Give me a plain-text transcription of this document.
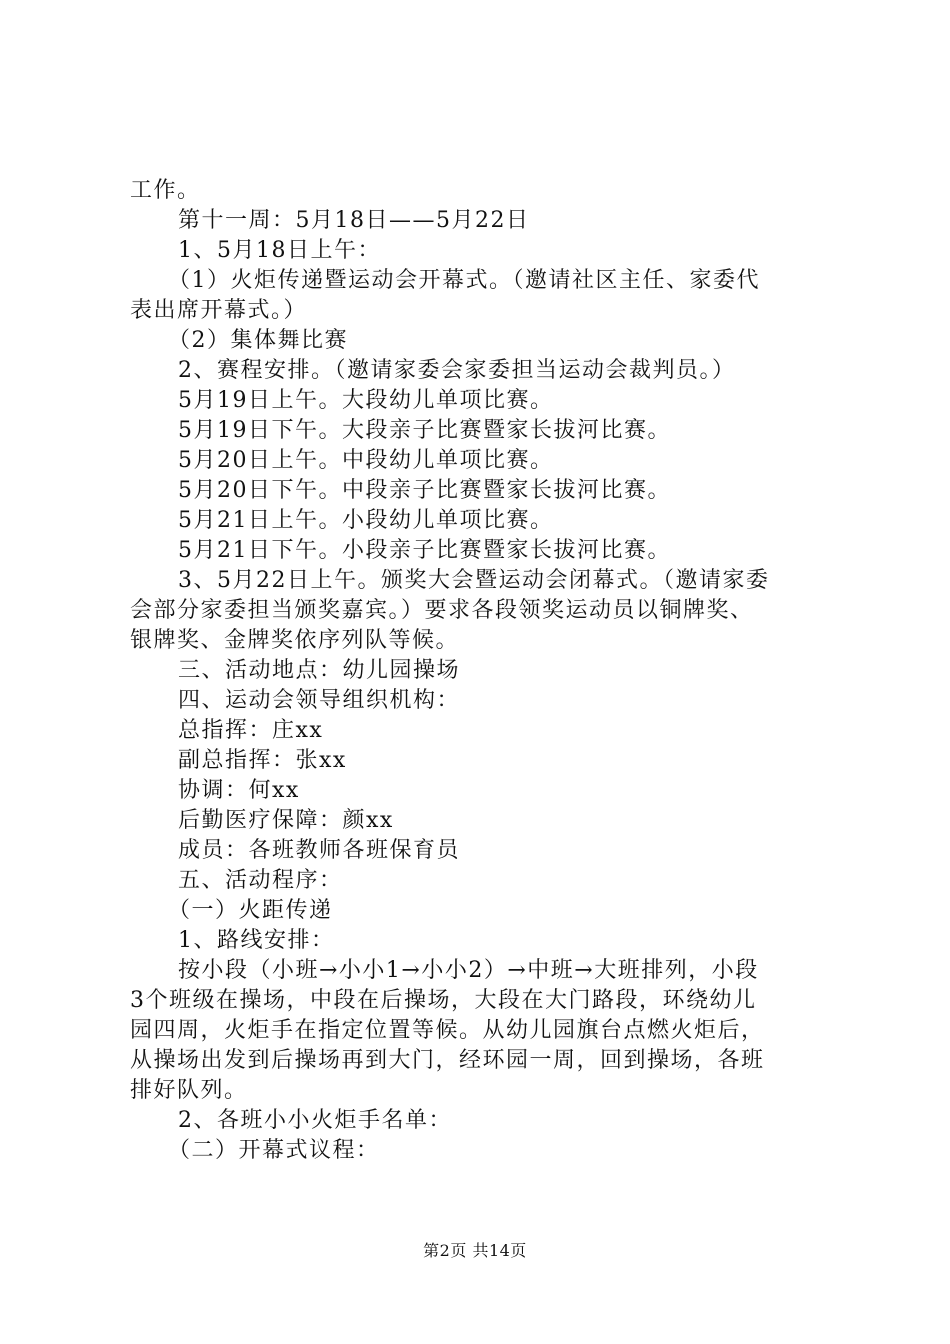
工作。
第十一周：5月18日——5月22日
1、5月18日上午：
（1）火炬传递暨运动会开幕式。（邀请社区主任、家委代
表出席开幕式。）
（2）集体舞比赛
2、赛程安排。（邀请家委会家委担当运动会裁判员。）
5月19日上午。大段幼儿单项比赛。
5月19日下午。大段亲子比赛暨家长拔河比赛。
5月20日上午。中段幼儿单项比赛。
5月20日下午。中段亲子比赛暨家长拔河比赛。
5月21日上午。小段幼儿单项比赛。
5月21日下午。小段亲子比赛暨家长拔河比赛。
3、5月22日上午。颁奖大会暨运动会闭幕式。（邀请家委
会部分家委担当颁奖嘉宾。）要求各段领奖运动员以铜牌奖、
银牌奖、金牌奖依序列队等候。
三、活动地点：幼儿园操场
四、运动会领导组织机构：
总指挥：庄xx
副总指挥：张xx
协调：何xx
后勤医疗保障：颜xx
成员：各班教师各班保育员
五、活动程序：
（一）火距传递
1、路线安排：
按小段（小班→小小1→小小2）→中班→大班排列，小段
3个班级在操场，中段在后操场，大段在大门路段，环绕幼儿
园四周，火炬手在指定位置等候。从幼儿园旗台点燃火炬后，
从操场出发到后操场再到大门，经环园一周，回到操场，各班
排好队列。
2、各班小小火炬手名单：
（二）开幕式议程：
第2页 共14页
